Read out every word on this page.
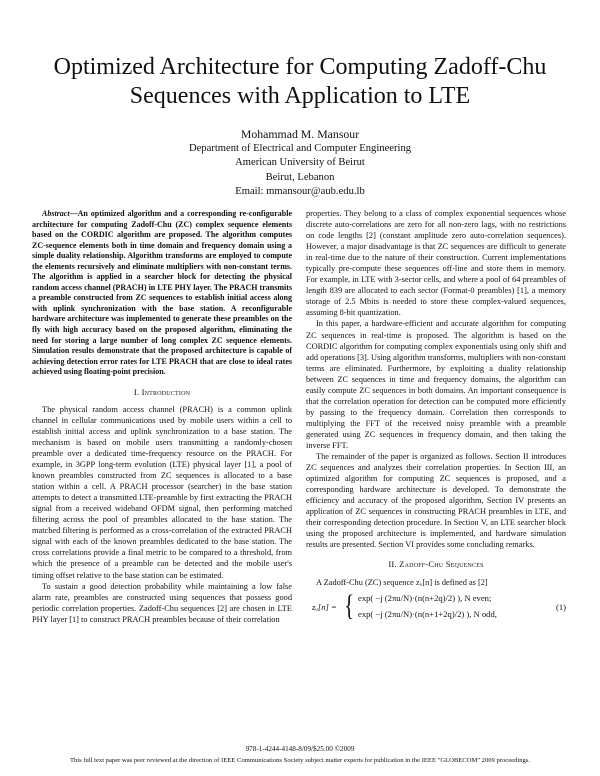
Optimized Architecture for Computing Zadoff-Chu
Sequences with Application to LTE
Mohammad M. Mansour
Department of Electrical and Computer Engineering
American University of Beirut
Beirut, Lebanon
Email: mmansour@aub.edu.lb

Abstract—An optimized algorithm and a corresponding re-configurable architecture for computing Zadoff-Chu (ZC) complex sequence elements based on the CORDIC algorithm are proposed. The algorithm computes ZC-sequence elements both in time domain and frequency domain using a simple duality relationship. Algorithm transforms are employed to compute the elements recursively and eliminate multipliers with non-constant terms. The algorithm is applied in a searcher block for detecting the physical random access channel (PRACH) in LTE PHY layer. The PRACH transmits a preamble constructed from ZC sequences to establish initial access along with uplink synchronization with the base station. A reconfigurable hardware architecture was implemented to generate these preambles on the fly with high accuracy based on the proposed algorithm, eliminating the need for storing a large number of long complex ZC sequence elements. Simulation results demonstrate that the proposed architecture is capable of achieving detection error rates for LTE PRACH that are close to ideal rates achieved using floating-point precision.

I. Introduction

The physical random access channel (PRACH) is a common uplink channel in cellular communications used by mobile users within a cell to establish initial access and uplink synchronization to a base station. The mechanism is based on mobile users transmitting a randomly-chosen preamble over a dedicated time-frequency resource on the PRACH. For example, in 3GPP long-term evolution (LTE) physical layer [1], a pool of known preambles constructed from ZC sequences is allocated to a base station within a cell. A PRACH processor (searcher) in the base station attempts to detect a transmitted LTE-preamble by first extracting the PRACH signal from a received wideband OFDM signal, then performing matched filtering across the pool of preambles allocated to the base station. The matched filtering is performed as a cross-correlation of the extracted PRACH signal with each of the known preambles dedicated to the base station. The cross correlations provide a final metric to be compared to a threshold, from which the presence of a preamble can be detected and the mobile user's timing offset relative to the base station can be estimated.

To sustain a good detection probability while maintaining a low false alarm rate, preambles are constructed using sequences that possess good periodic correlation properties. Zadoff-Chu sequences [2] are chosen in LTE PHY layer [1] to construct PRACH preambles because of their correlation

properties. They belong to a class of complex exponential sequences whose discrete auto-correlations are zero for all non-zero lags, with no restrictions on code lengths [2] (constant amplitude zero auto-correlation sequences). However, a major disadvantage is that ZC sequences are difficult to generate in real-time due to the nature of their construction. Current implementations typically pre-compute these sequences off-line and store them in memory. For example, in LTE with 3-sector cells, and where a pool of 64 preambles of length 839 are allocated to each sector (Format-0 preambles) [1], a memory storage of 2.5 Mbits is needed to store these complex-valued sequences, assuming 8-bit quantization.

In this paper, a hardware-efficient and accurate algorithm for computing ZC sequences in real-time is proposed. The algorithm is based on the CORDIC algorithm for computing complex exponentials using only shift and add operations [3]. Using algorithm transforms, multipliers with non-constant terms are eliminated. Furthermore, by exploiting a duality relationship between ZC sequences in time and frequency domains, the algorithm can easily compute ZC sequences in both domains. An important consequence is that the correlation operation for detection can be computed more efficiently by passing to the frequency domain. Correlation then corresponds to multiplying the FFT of the received noisy preamble with a preamble generated using ZC sequences in frequency domain, and then taking the inverse FFT.

The remainder of the paper is organized as follows. Section II introduces ZC sequences and analyzes their correlation properties. In Section III, an optimized algorithm for computing ZC sequences is proposed, and a corresponding hardware architecture is developed. To demonstrate the efficiency and accuracy of the proposed algorithm, Section IV presents an application of ZC sequences in constructing PRACH preambles in LTE, and their corresponding detection procedure. In Section V, an LTE searcher block using the proposed architecture is implemented, and hardware simulation results are presented. Section VI provides some concluding remarks.

II. Zadoff-Chu Sequences

A Zadoff-Chu (ZC) sequence zᵤ[n] is defined as [2]

zᵤ[n] = { exp( −j (2πu/N)·(n(n+2q)/2) ), N even;
exp( −j (2πu/N)·(n(n+1+2q)/2) ), N odd,
(1)
978-1-4244-4148-8/09/$25.00 ©2009
This full text paper was peer reviewed at the direction of IEEE Communications Society subject matter experts for publication in the IEEE "GLOBECOM" 2009 proceedings.
